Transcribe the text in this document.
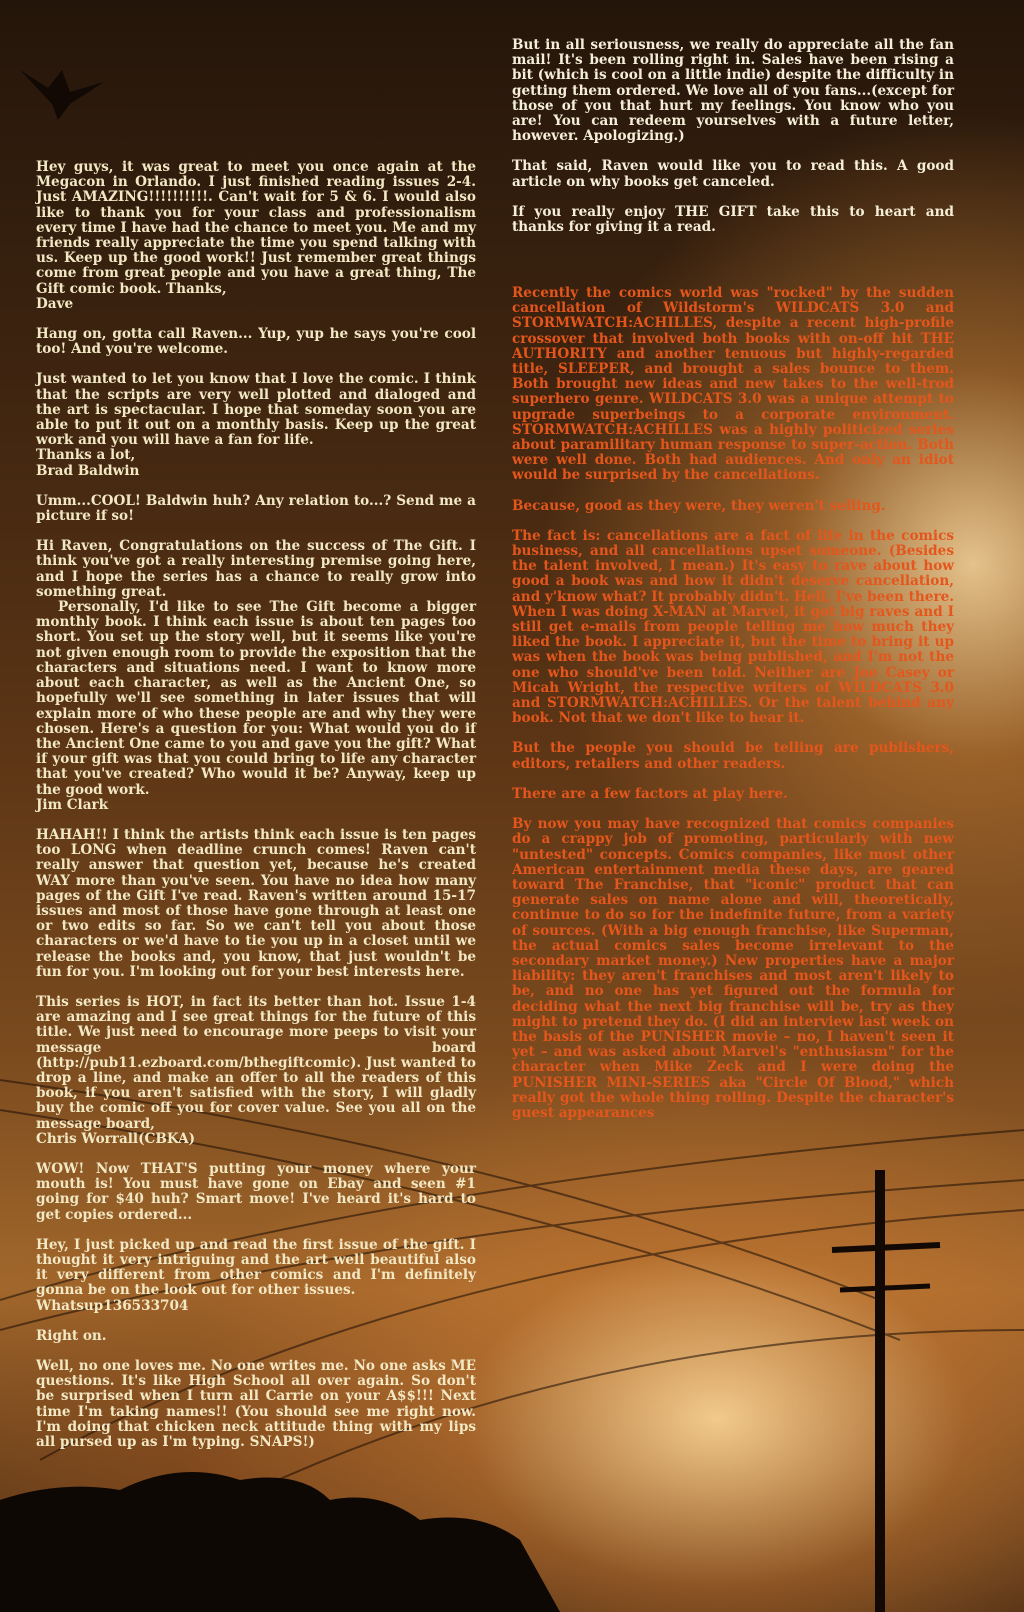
Hey guys, it was great to meet you once again at the Megacon in Orlando. I just finished reading issues 2-4. Just AMAZING!!!!!!!!!!. Can't wait for 5 & 6. I would also like to thank you for your class and professionalism every time I have had the chance to meet you. Me and my friends really appreciate the time you spend talking with us. Keep up the good work!! Just remember great things come from great people and you have a great thing, The Gift comic book. Thanks,
Dave

Hang on, gotta call Raven... Yup, yup he says you're cool too! And you're welcome.

Just wanted to let you know that I love the comic. I think that the scripts are very well plotted and dialoged and the art is spectacular. I hope that someday soon you are able to put it out on a monthly basis. Keep up the great work and you will have a fan for life.
Thanks a lot,
Brad Baldwin

Umm...COOL! Baldwin huh? Any relation to...? Send me a picture if so!

Hi Raven, Congratulations on the success of The Gift. I think you've got a really interesting premise going here, and I hope the series has a chance to really grow into something great.

Personally, I'd like to see The Gift become a bigger monthly book. I think each issue is about ten pages too short. You set up the story well, but it seems like you're not given enough room to provide the exposition that the characters and situations need. I want to know more about each character, as well as the Ancient One, so hopefully we'll see something in later issues that will explain more of who these people are and why they were chosen. Here's a question for you: What would you do if the Ancient One came to you and gave you the gift? What if your gift was that you could bring to life any character that you've created? Who would it be? Anyway, keep up the good work.
Jim Clark

HAHAH!! I think the artists think each issue is ten pages too LONG when deadline crunch comes! Raven can't really answer that question yet, because he's created WAY more than you've seen. You have no idea how many pages of the Gift I've read. Raven's written around 15-17 issues and most of those have gone through at least one or two edits so far. So we can't tell you about those characters or we'd have to tie you up in a closet until we release the books and, you know, that just wouldn't be fun for you. I'm looking out for your best interests here.

This series is HOT, in fact its better than hot. Issue 1-4 are amazing and I see great things for the future of this title. We just need to encourage more peeps to visit your message board (http://pub11.ezboard.com/bthegiftcomic). Just wanted to drop a line, and make an offer to all the readers of this book, if you aren't satisfied with the story, I will gladly buy the comic off you for cover value. See you all on the message board,
Chris Worrall(CBKA)

WOW! Now THAT'S putting your money where your mouth is! You must have gone on Ebay and seen #1 going for $40 huh? Smart move! I've heard it's hard to get copies ordered...

Hey, I just picked up and read the first issue of the gift. I thought it very intriguing and the art well beautiful also it very different from other comics and I'm definitely gonna be on the look out for other issues.
Whatsup136533704

Right on.

Well, no one loves me. No one writes me. No one asks ME questions. It's like High School all over again. So don't be surprised when I turn all Carrie on your A$$!!! Next time I'm taking names!! (You should see me right now. I'm doing that chicken neck attitude thing with my lips all pursed up as I'm typing. SNAPS!)

But in all seriousness, we really do appreciate all the fan mail! It's been rolling right in. Sales have been rising a bit (which is cool on a little indie) despite the difficulty in getting them ordered. We love all of you fans...(except for those of you that hurt my feelings. You know who you are! You can redeem yourselves with a future letter, however. Apologizing.)

That said, Raven would like you to read this. A good article on why books get canceled.

If you really enjoy THE GIFT take this to heart and thanks for giving it a read.

Recently the comics world was "rocked" by the sudden cancellation of Wildstorm's WILDCATS 3.0 and STORMWATCH:ACHILLES, despite a recent high-profile crossover that involved both books with on-off hit THE AUTHORITY and another tenuous but highly-regarded title, SLEEPER, and brought a sales bounce to them. Both brought new ideas and new takes to the well-trod superhero genre. WILDCATS 3.0 was a unique attempt to upgrade superbeings to a corporate environment. STORMWATCH:ACHILLES was a highly politicized series about paramilitary human response to super-action. Both were well done. Both had audiences. And only an idiot would be surprised by the cancellations.

Because, good as they were, they weren't selling.

The fact is: cancellations are a fact of life in the comics business, and all cancellations upset someone. (Besides the talent involved, I mean.) It's easy to rave about how good a book was and how it didn't deserve cancellation, and y'know what? It probably didn't. Hell, I've been there. When I was doing X-MAN at Marvel, it got big raves and I still get e-mails from people telling me how much they liked the book. I appreciate it, but the time to bring it up was when the book was being published, and I'm not the one who should've been told. Neither are Joe Casey or Micah Wright, the respective writers of WILDCATS 3.0 and STORMWATCH:ACHILLES. Or the talent behind any book. Not that we don't like to hear it.

But the people you should be telling are publishers, editors, retailers and other readers.

There are a few factors at play here.

By now you may have recognized that comics companies do a crappy job of promoting, particularly with new "untested" concepts. Comics companies, like most other American entertainment media these days, are geared toward The Franchise, that "iconic" product that can generate sales on name alone and will, theoretically, continue to do so for the indefinite future, from a variety of sources. (With a big enough franchise, like Superman, the actual comics sales become irrelevant to the secondary market money.) New properties have a major liability: they aren't franchises and most aren't likely to be, and no one has yet figured out the formula for deciding what the next big franchise will be, try as they might to pretend they do. (I did an interview last week on the basis of the PUNISHER movie – no, I haven't seen it yet – and was asked about Marvel's "enthusiasm" for the character when Mike Zeck and I were doing the PUNISHER MINI-SERIES aka "Circle Of Blood," which really got the whole thing rolling. Despite the character's guest appearances
